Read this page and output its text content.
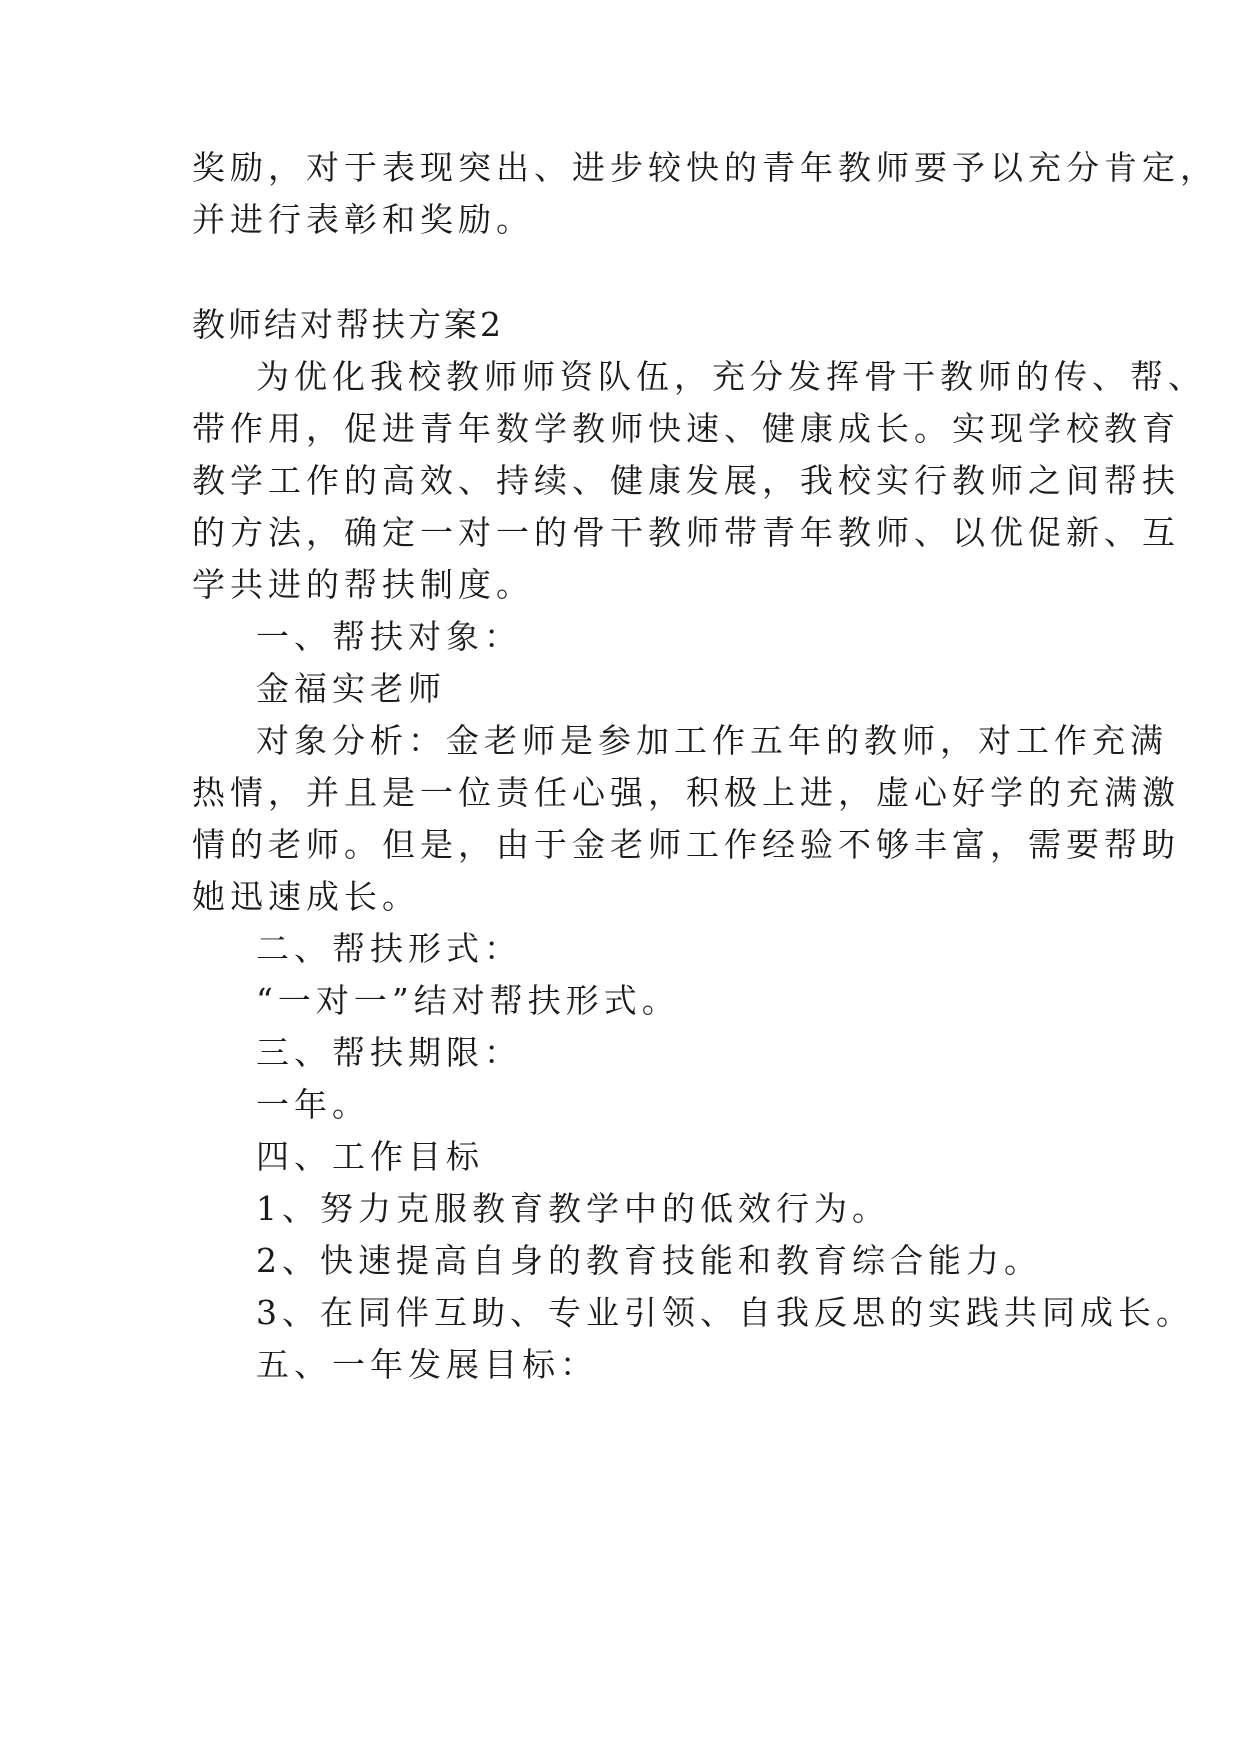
奖励，对于表现突出、进步较快的青年教师要予以充分肯定，
并进行表彰和奖励。
教师结对帮扶方案2
为优化我校教师师资队伍，充分发挥骨干教师的传、帮、
带作用，促进青年数学教师快速、健康成长。实现学校教育
教学工作的高效、持续、健康发展，我校实行教师之间帮扶
的方法，确定一对一的骨干教师带青年教师、以优促新、互
学共进的帮扶制度。
一、帮扶对象：
金福实老师
对象分析：金老师是参加工作五年的教师，对工作充满
热情，并且是一位责任心强，积极上进，虚心好学的充满激
情的老师。但是，由于金老师工作经验不够丰富，需要帮助
她迅速成长。
二、帮扶形式：
“一对一”结对帮扶形式。
三、帮扶期限：
一年。
四、工作目标
1、努力克服教育教学中的低效行为。
2、快速提高自身的教育技能和教育综合能力。
3、在同伴互助、专业引领、自我反思的实践共同成长。
五、一年发展目标：
